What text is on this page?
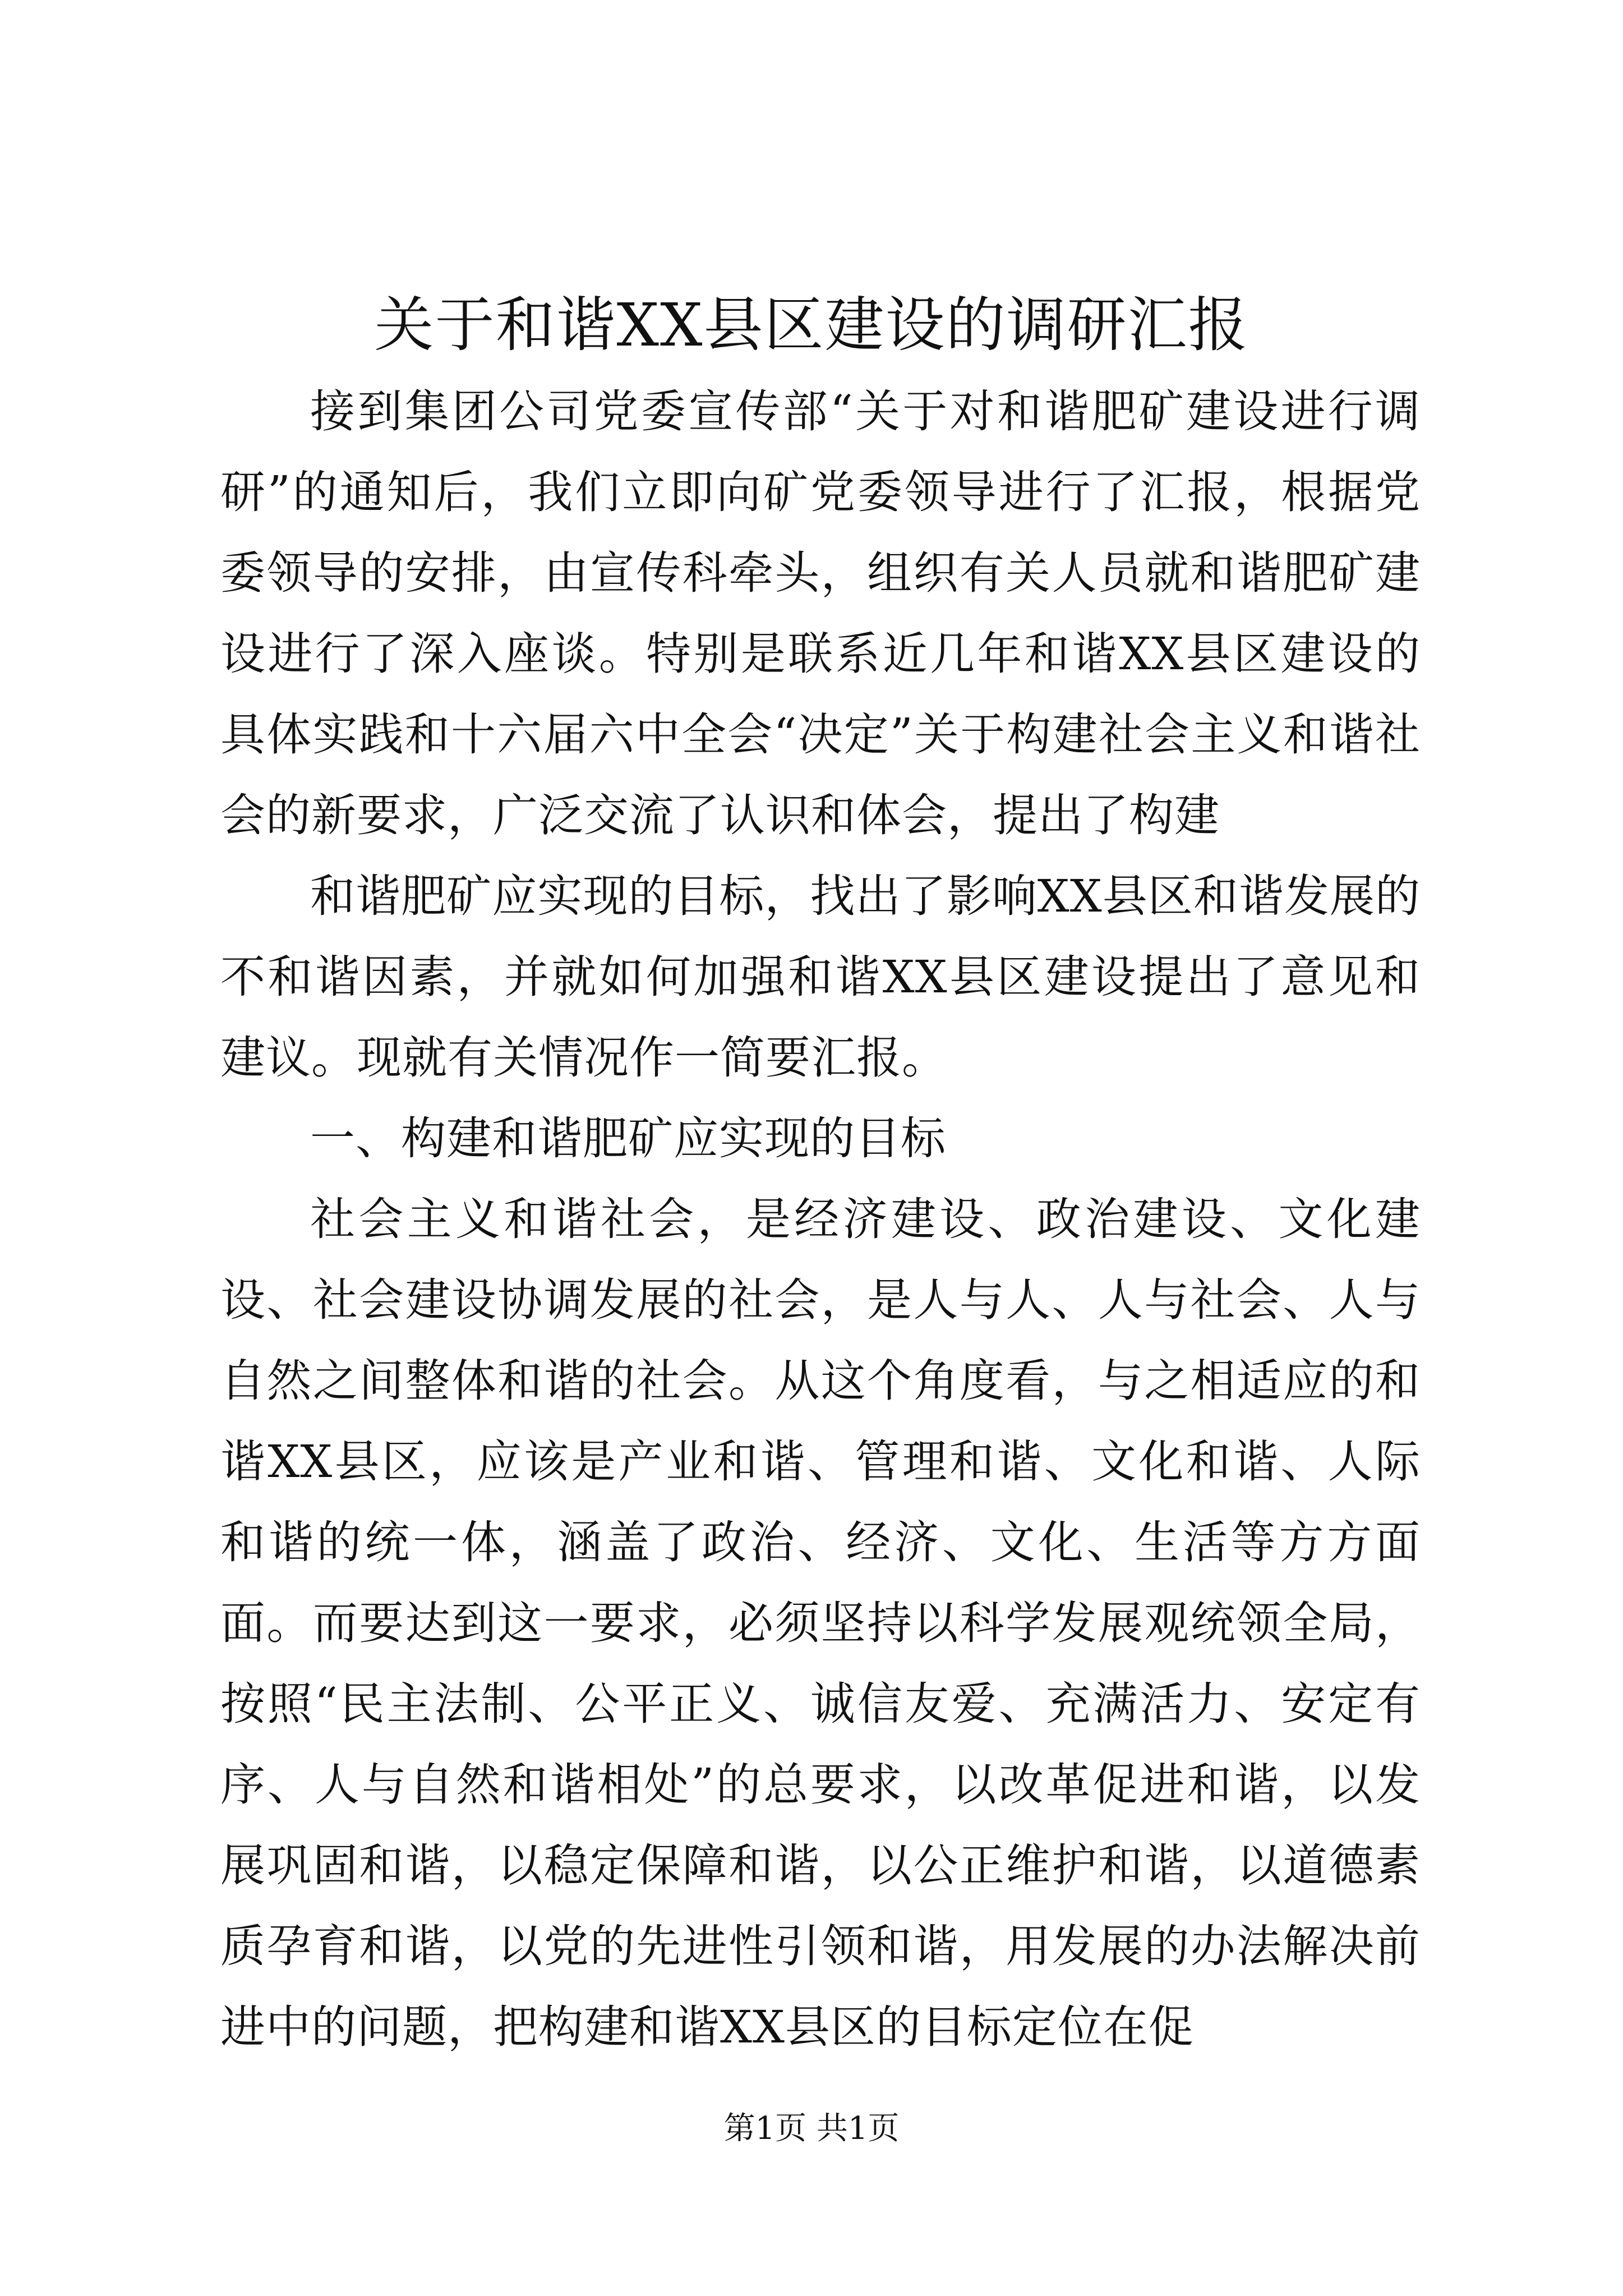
关于和谐XX县区建设的调研汇报

接到集团公司党委宣传部“关于对和谐肥矿建设进行调研”的通知后，我们立即向矿党委领导进行了汇报，根据党委领导的安排，由宣传科牵头，组织有关人员就和谐肥矿建设进行了深入座谈。特别是联系近几年和谐XX县区建设的具体实践和十六届六中全会“决定”关于构建社会主义和谐社会的新要求，广泛交流了认识和体会，提出了构建

和谐肥矿应实现的目标，找出了影响XX县区和谐发展的不和谐因素，并就如何加强和谐XX县区建设提出了意见和建议。现就有关情况作一简要汇报。

一、构建和谐肥矿应实现的目标

社会主义和谐社会，是经济建设、政治建设、文化建设、社会建设协调发展的社会，是人与人、人与社会、人与自然之间整体和谐的社会。从这个角度看，与之相适应的和谐XX县区，应该是产业和谐、管理和谐、文化和谐、人际和谐的统一体，涵盖了政治、经济、文化、生活等方方面面。而要达到这一要求，必须坚持以科学发展观统领全局，按照“民主法制、公平正义、诚信友爱、充满活力、安定有序、人与自然和谐相处”的总要求，以改革促进和谐，以发展巩固和谐，以稳定保障和谐，以公正维护和谐，以道德素质孕育和谐，以党的先进性引领和谐，用发展的办法解决前进中的问题，把构建和谐XX县区的目标定位在促

第1页 共1页
